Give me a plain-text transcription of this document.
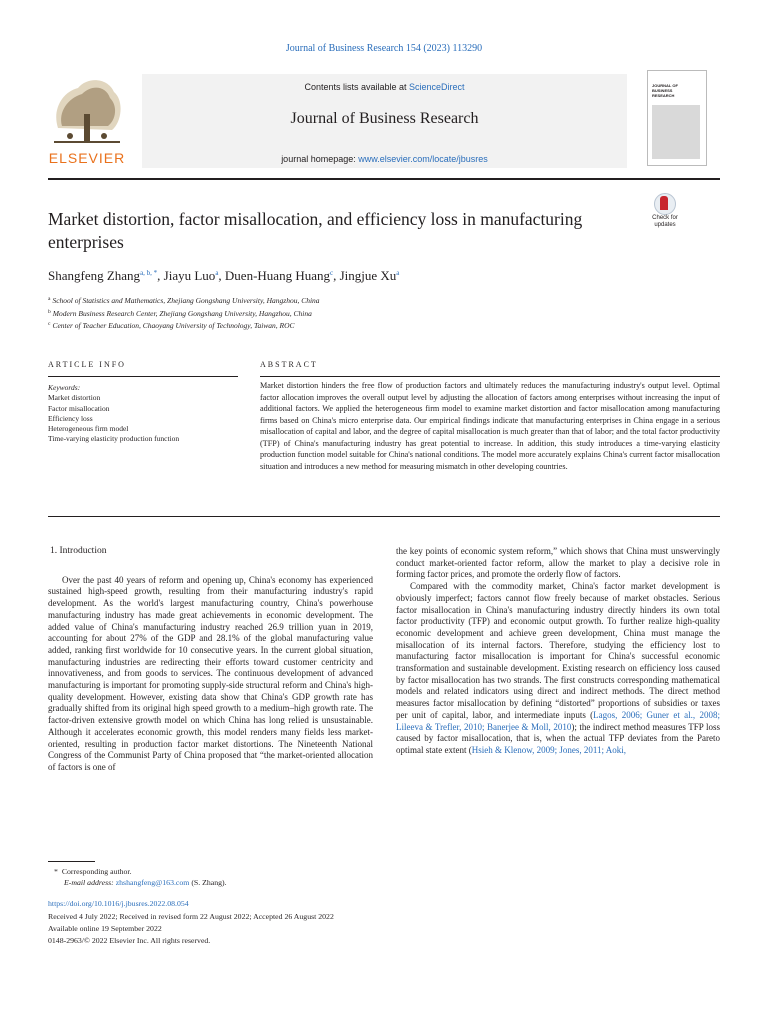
Journal of Business Research 154 (2023) 113290
ELSEVIER
Contents lists available at ScienceDirect
Journal of Business Research
journal homepage: www.elsevier.com/locate/jbusres
JOURNAL OF BUSINESS RESEARCH
Market distortion, factor misallocation, and efficiency loss in manufacturing enterprises
Check for
updates
Shangfeng Zhang$^{a, b, *}$, Jiayu Luo$^a$, Duen-Huang Huang$^c$, Jingjue Xu$^a$
$^a$ School of Statistics and Mathematics, Zhejiang Gongshang University, Hangzhou, China
$^b$ Modern Business Research Center, Zhejiang Gongshang University, Hangzhou, China
$^c$ Center of Teacher Education, Chaoyang University of Technology, Taiwan, ROC
ARTICLE INFO	ABSTRACT
Keywords:
Market distortion
Factor misallocation
Efficiency loss
Heterogeneous firm model
Time-varying elasticity production function
Market distortion hinders the free flow of production factors and ultimately reduces the manufacturing industry's output level. Optimal factor allocation improves the overall output level by adjusting the allocation of factors among enterprises without increasing the input of additional factors. We applied the heterogeneous firm model to examine market distortion and factor misallocation among manufacturing firms based on China's micro enterprise data. Our empirical findings indicate that manufacturing enterprises in China engage in a serious misallocation of capital and labor, and the degree of capital misallocation is much greater than that of labor; and the total factor productivity (TFP) of China's manufacturing industry has great potential to increase. In addition, this study introduces a time-varying elasticity production function model suitable for China's national conditions. The model more accurately explains China's current factor misallocation situation and introduces a new method for measuring mismatch in other developing countries.

1. Introduction

Over the past 40 years of reform and opening up, China's economy has experienced sustained high-speed growth, resulting from their manufacturing industry's rapid development. As the world's largest manufacturing country, China's powerhouse manufacturing industry has made great achievements in economic development. The added value of China's manufacturing industry reached 26.9 trillion yuan in 2019, accounting for about 27% of the GDP and 28.1% of the global manufacturing value added, ranking first worldwide for 10 consecutive years. In the current global situation, manufacturing industries are redirecting their efforts toward customer centricity and innovativeness, and from goods to services. The continuous development of advanced manufacturing is important for promoting supply-side structural reform and China's high-quality development. However, existing data show that China's GDP growth rate has gradually shifted from its original high speed growth to a medium–high growth rate. The factor-driven extensive growth model on which China has long relied is unsustainable. Although it accelerates economic growth, this model renders many fields less market-oriented, resulting in production factor market distortions. The Nineteenth National Congress of the Communist Party of China proposed that “the market-oriented allocation of factors is one of

the key points of economic system reform,” which shows that China must unswervingly conduct market-oriented factor reform, allow the market to play a decisive role in forming factor prices, and promote the orderly flow of factors.

Compared with the commodity market, China's factor market development is obviously imperfect; factors cannot flow freely because of market obstacles. Serious factor misallocation in China's manufacturing industry directly hinders its own total factor productivity (TFP) and economic output growth. To further realize high-quality economic development and achieve green development, China must manage the misallocation of its internal factors. Therefore, studying the efficiency lost to manufacturing factor misallocation is important for China's successful economic transformation and sustainable development. Existing research on efficiency loss caused by factor misallocation has two strands. The first constructs corresponding mathematical models and related indicators using direct and indirect methods. The direct method measures factor misallocation by defining “distorted” proportions of subsidies or taxes per unit of capital, labor, and intermediate inputs (Lagos, 2006; Guner et al., 2008; Lileeva & Trefler, 2010; Banerjee & Moll, 2010); the indirect method measures TFP loss caused by factor misallocation, that is, when the actual TFP deviates from the Pareto optimal state extent (Hsieh & Klenow, 2009; Jones, 2011; Aoki,

* Corresponding author.
E-mail address: zhshangfeng@163.com (S. Zhang).
https://doi.org/10.1016/j.jbusres.2022.08.054
Received 4 July 2022; Received in revised form 22 August 2022; Accepted 26 August 2022
Available online 19 September 2022
0148-2963/© 2022 Elsevier Inc. All rights reserved.
